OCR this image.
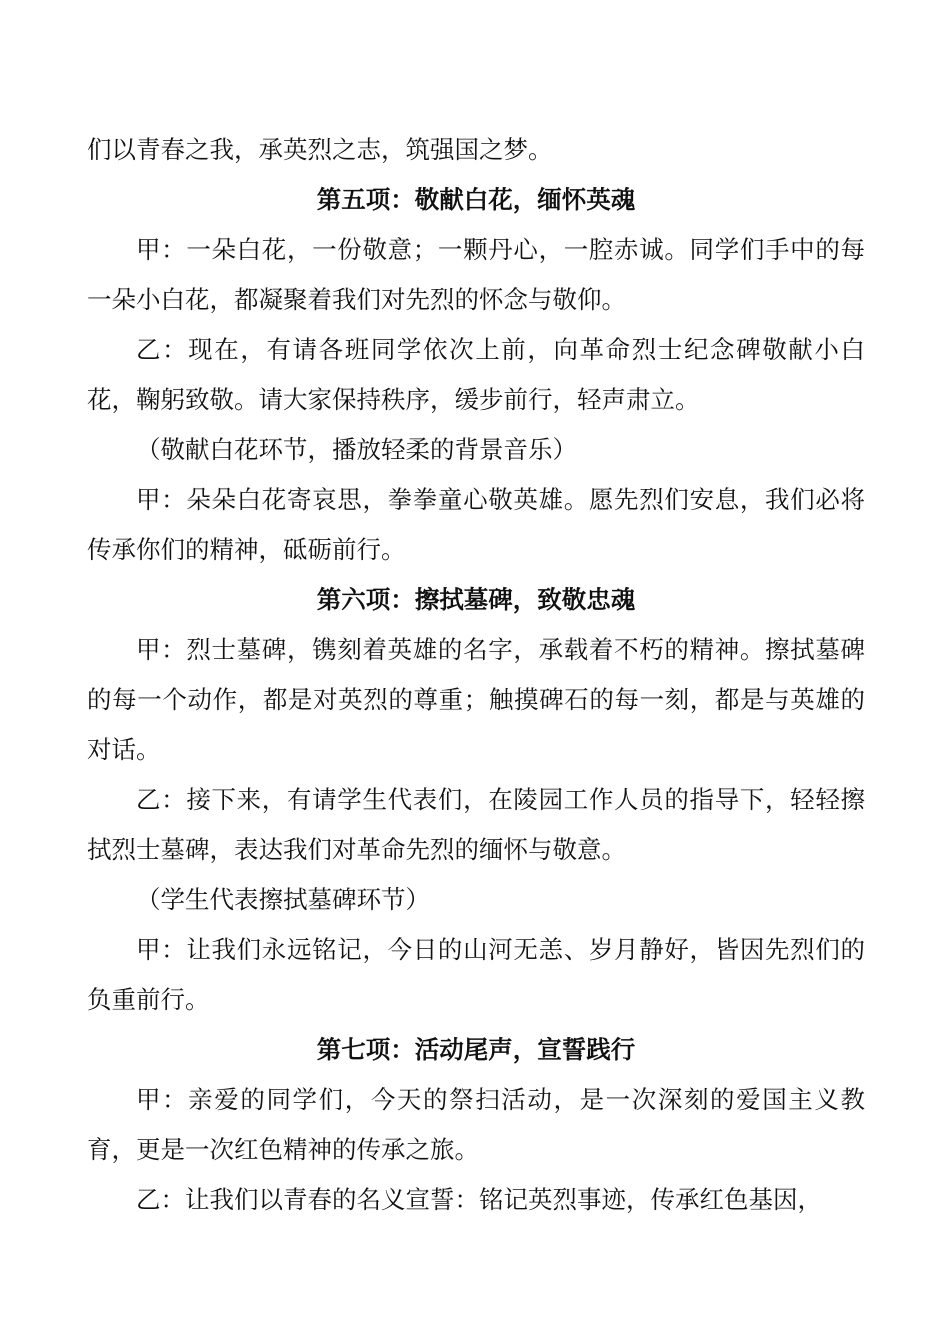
们以青春之我，承英烈之志，筑强国之梦。

第五项：敬献白花，缅怀英魂

甲：一朵白花，一份敬意；一颗丹心，一腔赤诚。同学们手中的每一朵小白花，都凝聚着我们对先烈的怀念与敬仰。

乙：现在，有请各班同学依次上前，向革命烈士纪念碑敬献小白花，鞠躬致敬。请大家保持秩序，缓步前行，轻声肃立。

（敬献白花环节，播放轻柔的背景音乐）

甲：朵朵白花寄哀思，拳拳童心敬英雄。愿先烈们安息，我们必将传承你们的精神，砥砺前行。

第六项：擦拭墓碑，致敬忠魂

甲：烈士墓碑，镌刻着英雄的名字，承载着不朽的精神。擦拭墓碑的每一个动作，都是对英烈的尊重；触摸碑石的每一刻，都是与英雄的对话。

乙：接下来，有请学生代表们，在陵园工作人员的指导下，轻轻擦拭烈士墓碑，表达我们对革命先烈的缅怀与敬意。

（学生代表擦拭墓碑环节）

甲：让我们永远铭记，今日的山河无恙、岁月静好，皆因先烈们的负重前行。

第七项：活动尾声，宣誓践行

甲：亲爱的同学们，今天的祭扫活动，是一次深刻的爱国主义教育，更是一次红色精神的传承之旅。

乙：让我们以青春的名义宣誓：铭记英烈事迹，传承红色基因，
